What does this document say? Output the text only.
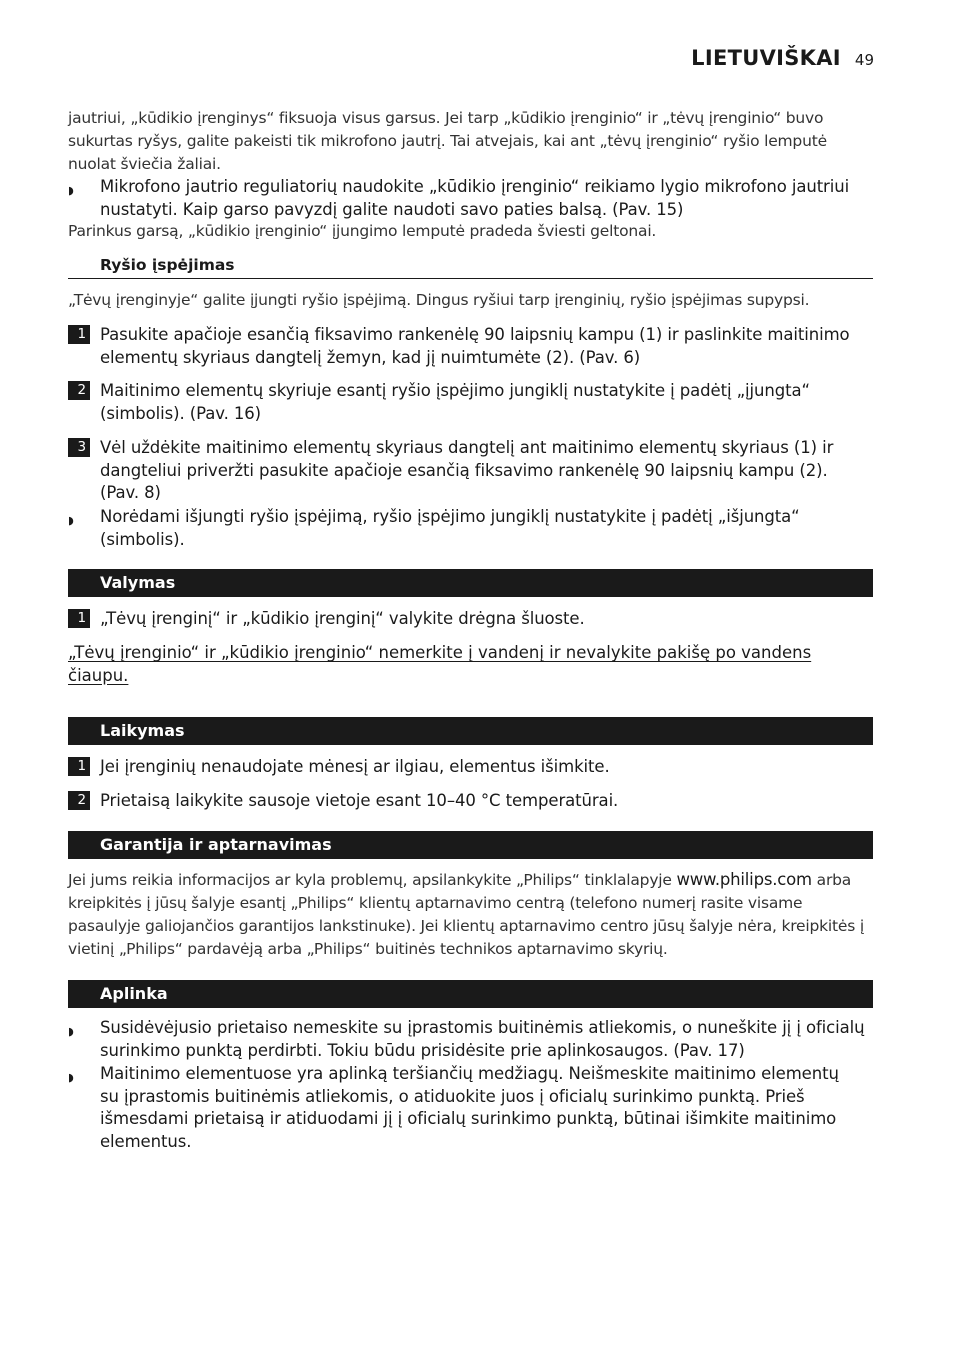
LIETUVIŠKAI 49
jautriui, „kūdikio įrenginys“ fiksuoja visus garsus. Jei tarp „kūdikio įrenginio“ ir „tėvų įrenginio“ buvo sukurtas ryšys, galite pakeisti tik mikrofono jautrį. Tai atvejais, kai ant „tėvų įrenginio“ ryšio lemputė nuolat šviečia žaliai.
◗	Mikrofono jautrio reguliatorių naudokite „kūdikio įrenginio“ reikiamo lygio mikrofono jautriui nustatyti. Kaip garso pavyzdį galite naudoti savo paties balsą. (Pav. 15)
Parinkus garsą, „kūdikio įrenginio“ įjungimo lemputė pradeda šviesti geltonai.
Ryšio įspėjimas
„Tėvų įrenginyje“ galite įjungti ryšio įspėjimą. Dingus ryšiui tarp įrenginių, ryšio įspėjimas supypsi.
1 Pasukite apačioje esančią fiksavimo rankenėlę 90 laipsnių kampu (1) ir paslinkite maitinimo elementų skyriaus dangtelį žemyn, kad jį nuimtumėte (2). (Pav. 6)
2 Maitinimo elementų skyriuje esantį ryšio įspėjimo jungiklį nustatykite į padėtį „įjungta“ (simbolis). (Pav. 16)
3 Vėl uždėkite maitinimo elementų skyriaus dangtelį ant maitinimo elementų skyriaus (1) ir dangteliui priveržti pasukite apačioje esančią fiksavimo rankenėlę 90 laipsnių kampu (2). (Pav. 8)
◗	Norėdami išjungti ryšio įspėjimą, ryšio įspėjimo jungiklį nustatykite į padėtį „išjungta“ (simbolis).
Valymas
1 „Tėvų įrenginį“ ir „kūdikio įrenginį“ valykite drėgna šluoste.
„Tėvų įrenginio“ ir „kūdikio įrenginio“ nemerkite į vandenį ir nevalykite pakišę po vandens čiaupu.
Laikymas
1 Jei įrenginių nenaudojate mėnesį ar ilgiau, elementus išimkite.
2 Prietaisą laikykite sausoje vietoje esant 10–40 °C temperatūrai.
Garantija ir aptarnavimas
Jei jums reikia informacijos ar kyla problemų, apsilankykite „Philips“ tinklalapyje www.philips.com arba kreipkitės į jūsų šalyje esantį „Philips“ klientų aptarnavimo centrą (telefono numerį rasite visame pasaulyje galiojančios garantijos lankstinuke). Jei klientų aptarnavimo centro jūsų šalyje nėra, kreipkitės į vietinį „Philips“ pardavėją arba „Philips“ buitinės technikos aptarnavimo skyrių.
Aplinka
◗	Susidėvėjusio prietaiso nemeskite su įprastomis buitinėmis atliekomis, o nuneškite jį į oficialų surinkimo punktą perdirbti. Tokiu būdu prisidėsite prie aplinkosaugos. (Pav. 17)
◗	Maitinimo elementuose yra aplinką teršiančių medžiagų. Neišmeskite maitinimo elementų su įprastomis buitinėmis atliekomis, o atiduokite juos į oficialų surinkimo punktą. Prieš išmesdami prietaisą ir atiduodami jį į oficialų surinkimo punktą, būtinai išimkite maitinimo elementus.
